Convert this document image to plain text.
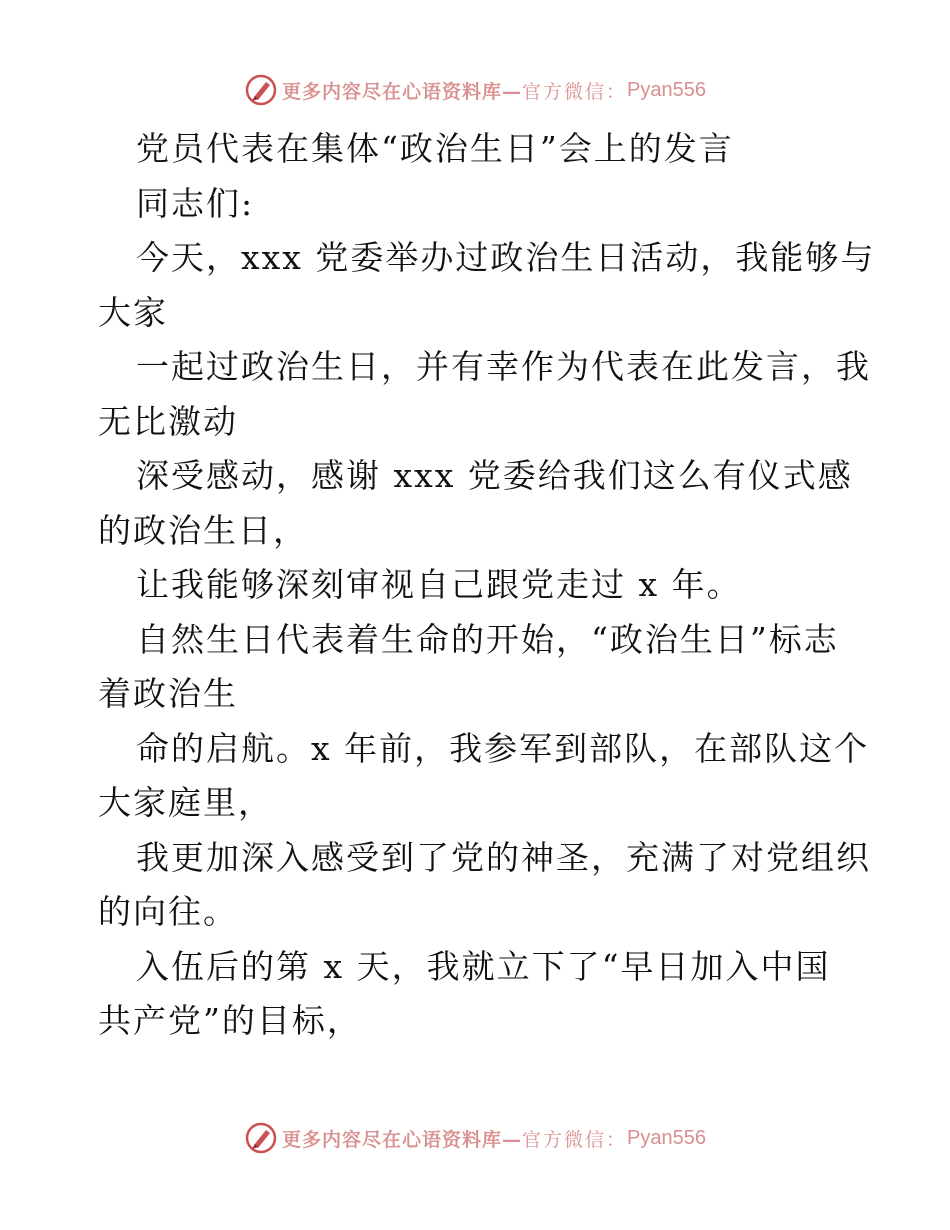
更多内容尽在心语资料库— 官方微信： Pyan556
党员代表在集体“政治生日”会上的发言
同志们:
今天，xxx 党委举办过政治生日活动，我能够与
大家
一起过政治生日，并有幸作为代表在此发言，我
无比激动
深受感动，感谢 xxx 党委给我们这么有仪式感
的政治生日，
让我能够深刻审视自己跟党走过 x 年。
自然生日代表着生命的开始，“政治生日”标志
着政治生
命的启航。x 年前，我参军到部队，在部队这个
大家庭里，
我更加深入感受到了党的神圣，充满了对党组织
的向往。
入伍后的第 x 天，我就立下了“早日加入中国
共产党”的目标，
更多内容尽在心语资料库— 官方微信： Pyan556
